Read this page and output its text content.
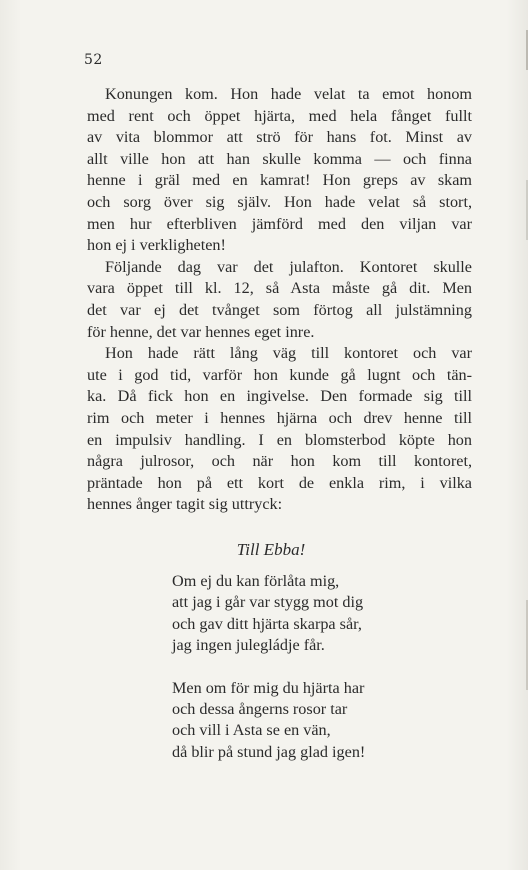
52

Konungen kom. Hon hade velat ta emot honom
med rent och öppet hjärta, med hela fånget fullt
av vita blommor att strö för hans fot. Minst av
allt ville hon att han skulle komma — och finna
henne i gräl med en kamrat! Hon greps av skam
och sorg över sig själv. Hon hade velat så stort,
men hur efterbliven jämförd med den viljan var
hon ej i verkligheten!

Följande dag var det julafton. Kontoret skulle
vara öppet till kl. 12, så Asta måste gå dit. Men
det var ej det tvånget som förtog all julstämning
för henne, det var hennes eget inre.

Hon hade rätt lång väg till kontoret och var
ute i god tid, varför hon kunde gå lugnt och tän-
ka. Då fick hon en ingivelse. Den formade sig till
rim och meter i hennes hjärna och drev henne till
en impulsiv handling. I en blomsterbod köpte hon
några julrosor, och när hon kom till kontoret,
präntade hon på ett kort de enkla rim, i vilka
hennes ånger tagit sig uttryck:

Till Ebba!
Om ej du kan förlåta mig,
att jag i går var stygg mot dig
och gav ditt hjärta skarpa sår,
jag ingen julegládje får.
Men om för mig du hjärta har
och dessa ångerns rosor tar
och vill i Asta se en vän,
då blir på stund jag glad igen!
